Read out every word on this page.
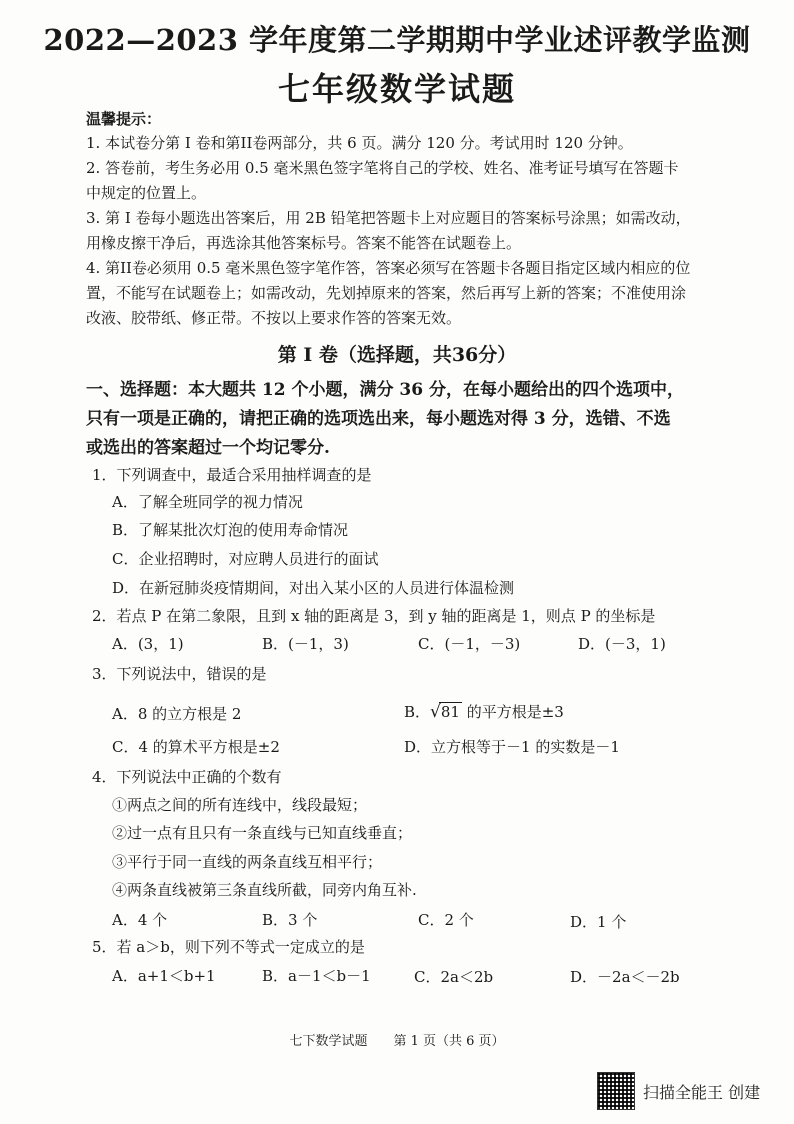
2022—2023 学年度第二学期期中学业述评教学监测
七年级数学试题
温馨提示：
1. 本试卷分第 I 卷和第II卷两部分，共 6 页。满分 120 分。考试用时 120 分钟。
2. 答卷前，考生务必用 0.5 毫米黑色签字笔将自己的学校、姓名、准考证号填写在答题卡
中规定的位置上。
3. 第 I 卷每小题选出答案后，用 2B 铅笔把答题卡上对应题目的答案标号涂黑；如需改动，
用橡皮擦干净后，再选涂其他答案标号。答案不能答在试题卷上。
4. 第II卷必须用 0.5 毫米黑色签字笔作答，答案必须写在答题卡各题目指定区域内相应的位
置，不能写在试题卷上；如需改动，先划掉原来的答案，然后再写上新的答案；不准使用涂
改液、胶带纸、修正带。不按以上要求作答的答案无效。
第 I 卷（选择题，共36分）
一、选择题：本大题共 12 个小题，满分 36 分，在每小题给出的四个选项中，
只有一项是正确的，请把正确的选项选出来，每小题选对得 3 分，选错、不选
或选出的答案超过一个均记零分.
1．下列调查中，最适合采用抽样调查的是
A．了解全班同学的视力情况
B．了解某批次灯泡的使用寿命情况
C．企业招聘时，对应聘人员进行的面试
D．在新冠肺炎疫情期间，对出入某小区的人员进行体温检测
2．若点 P 在第二象限，且到 x 轴的距离是 3，到 y 轴的距离是 1，则点 P 的坐标是
A．(3，1)	B．(－1，3)	C．(－1，－3)	D．(－3，1)
3．下列说法中，错误的是
A．8 的立方根是 2	B．√81 的平方根是±3
C．4 的算术平方根是±2	D．立方根等于－1 的实数是－1
4．下列说法中正确的个数有
①两点之间的所有连线中，线段最短；
②过一点有且只有一条直线与已知直线垂直；
③平行于同一直线的两条直线互相平行；
④两条直线被第三条直线所截，同旁内角互补.
A．4 个	B．3 个	C．2 个	D．1 个
5．若 a＞b，则下列不等式一定成立的是
A．a+1＜b+1	B．a－1＜b－1	C．2a＜2b	D．－2a＜－2b
七下数学试题　　第 1 页（共 6 页）
扫描全能王 创建
